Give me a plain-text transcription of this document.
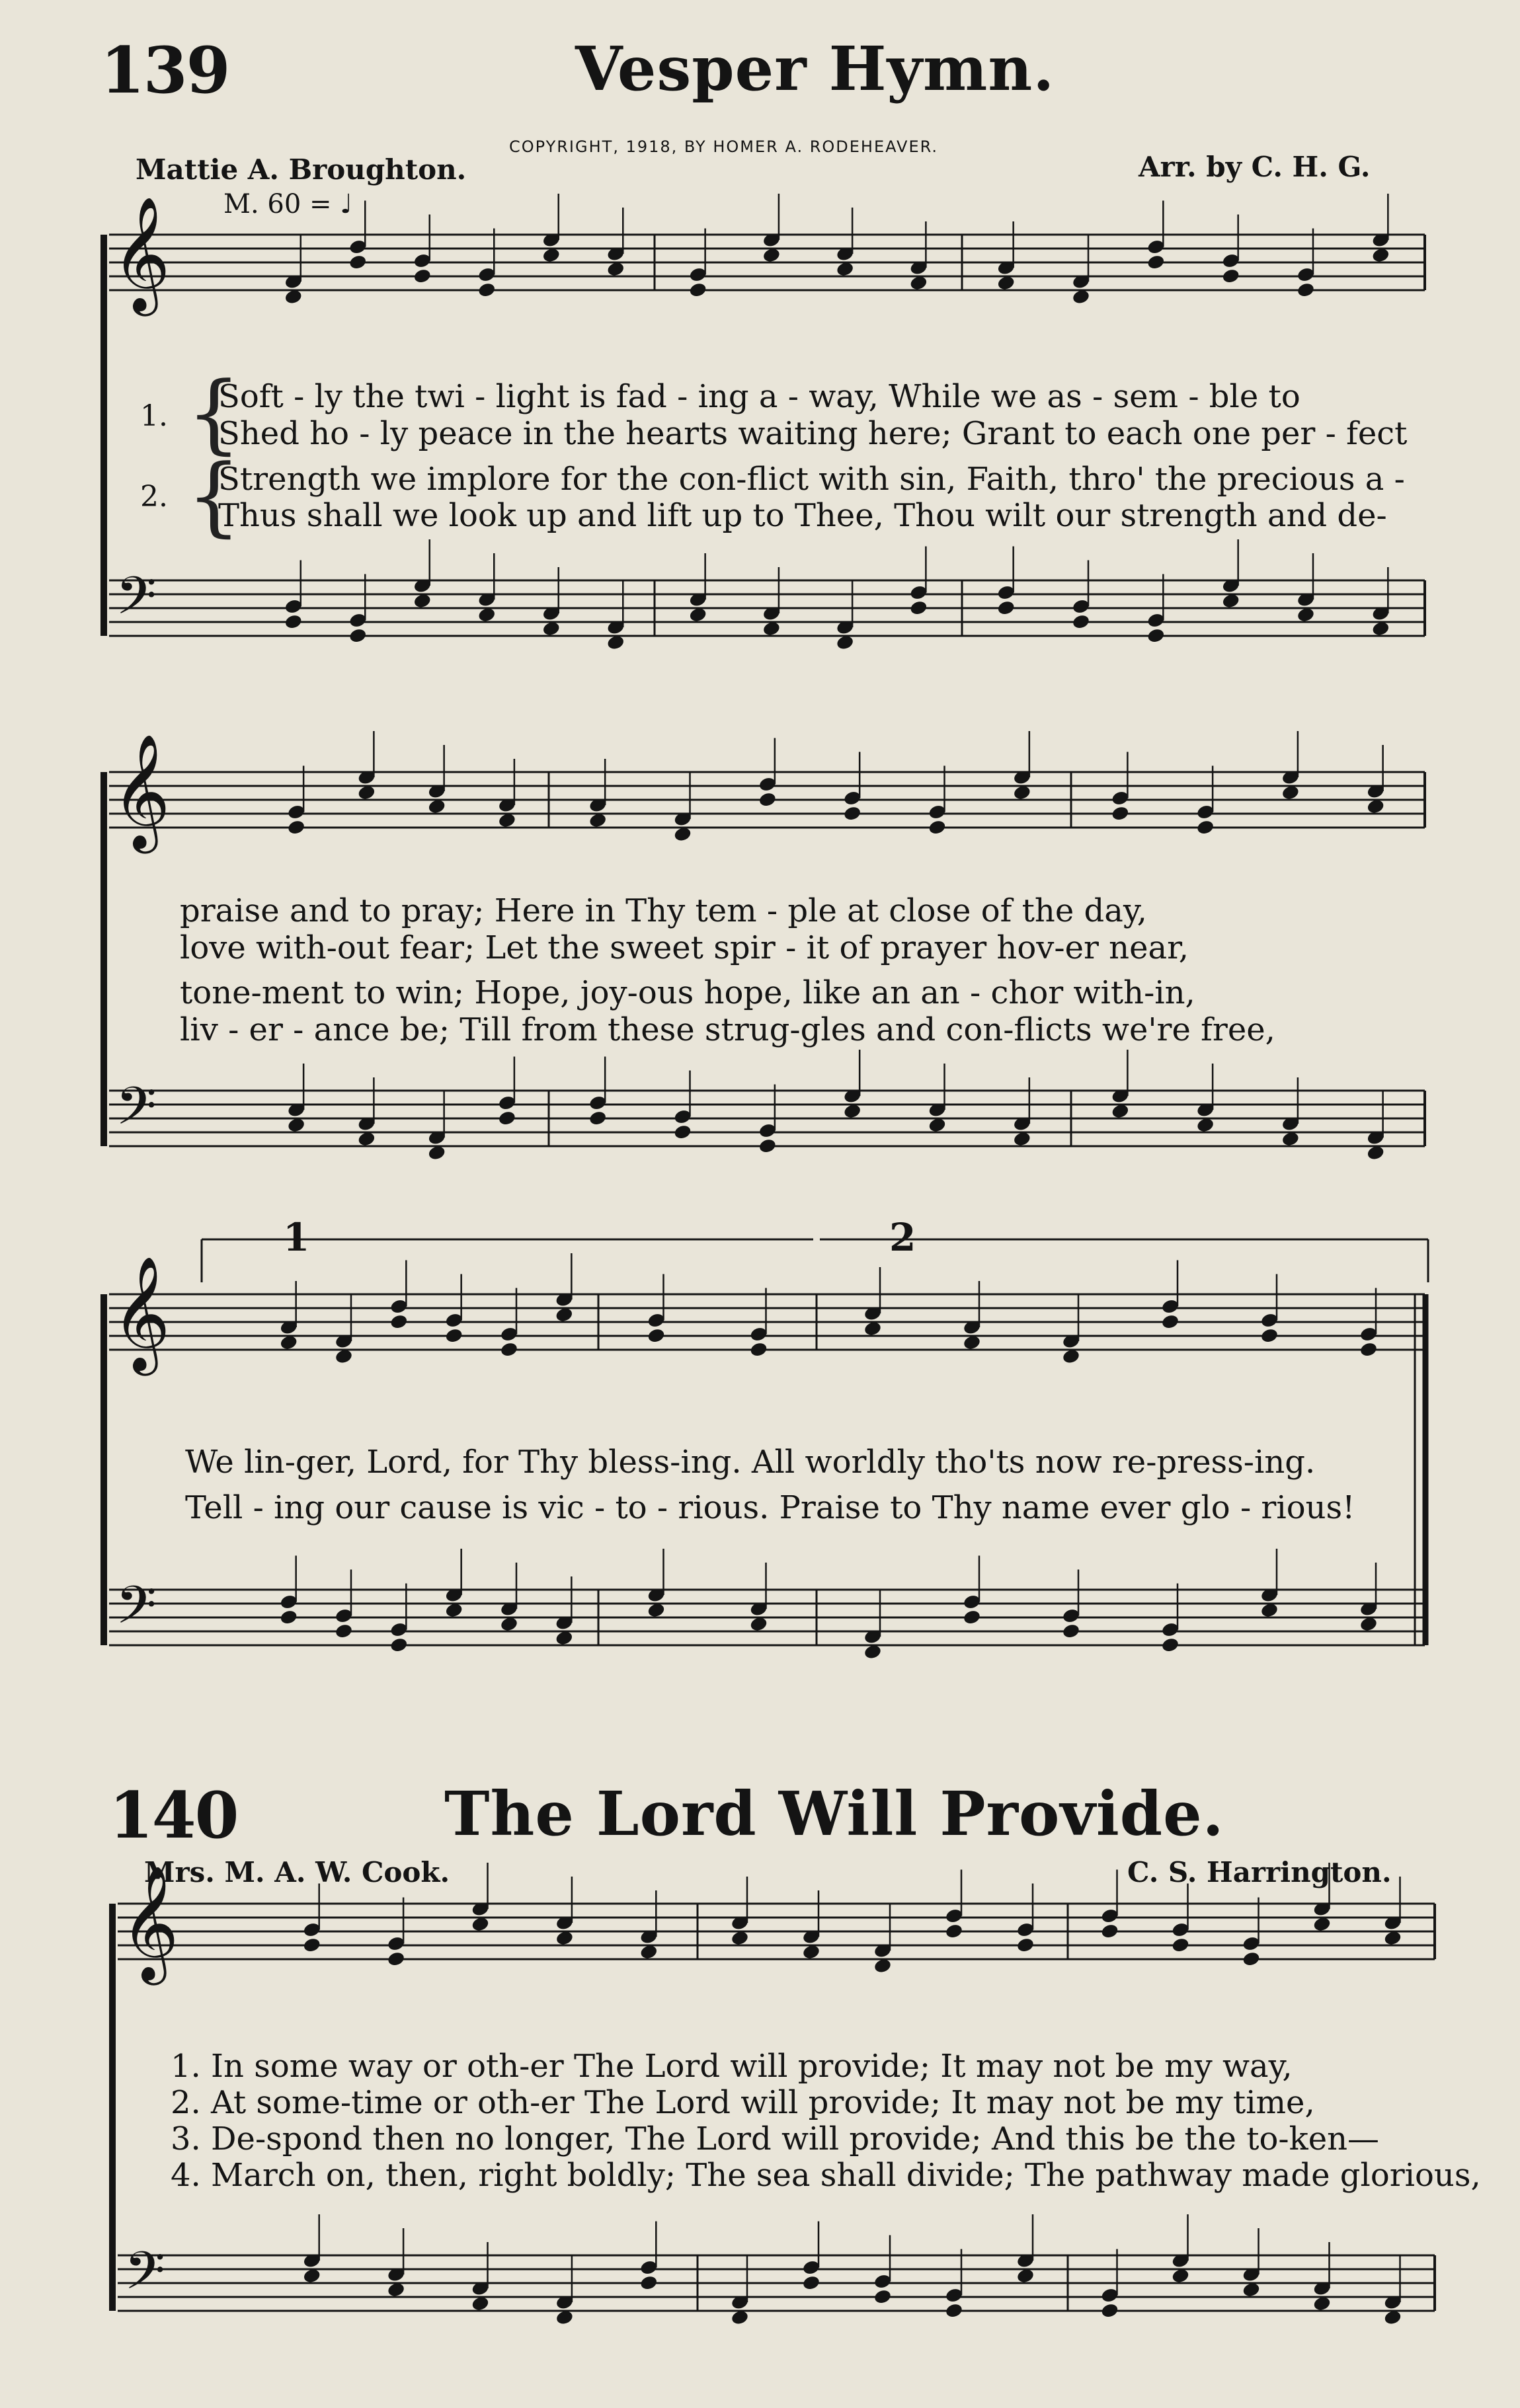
139	Vesper Hymn.
COPYRIGHT, 1918, BY HOMER A. RODEHEAVER.
Mattie A. Broughton.	Arr. by C. H. G.
M. 60 = ♩
1. {
Soft - ly the twi - light is fad - ing a - way, While we as - sem - ble to
Shed ho - ly peace in the hearts waiting here; Grant to each one per - fect
2. {
Strength we implore for the con-flict with sin, Faith, thro' the precious a -
Thus shall we look up and lift up to Thee, Thou wilt our strength and de-
praise and to pray; Here in Thy tem - ple at close of the day,
love with-out fear; Let the sweet spir - it of prayer hov-er near,
tone-ment to win; Hope, joy-ous hope, like an an - chor with-in,
liv - er - ance be; Till from these strug-gles and con-flicts we're free,
1	2
We lin-ger, Lord, for Thy bless-ing. All worldly tho'ts now re-press-ing.
Tell - ing our cause is vic - to - rious. Praise to Thy name ever glo - rious!
140	The Lord Will Provide.
Mrs. M. A. W. Cook.	C. S. Harrington.
1. In some way or oth-er The Lord will provide; It may not be my way,
2. At some-time or oth-er The Lord will provide; It may not be my time,
3. De-spond then no longer, The Lord will provide; And this be the to-ken—
4. March on, then, right boldly; The sea shall divide; The pathway made glorious,
𝄞
𝄢
𝄞
𝄢
𝄞
𝄢
𝄞
𝄢
